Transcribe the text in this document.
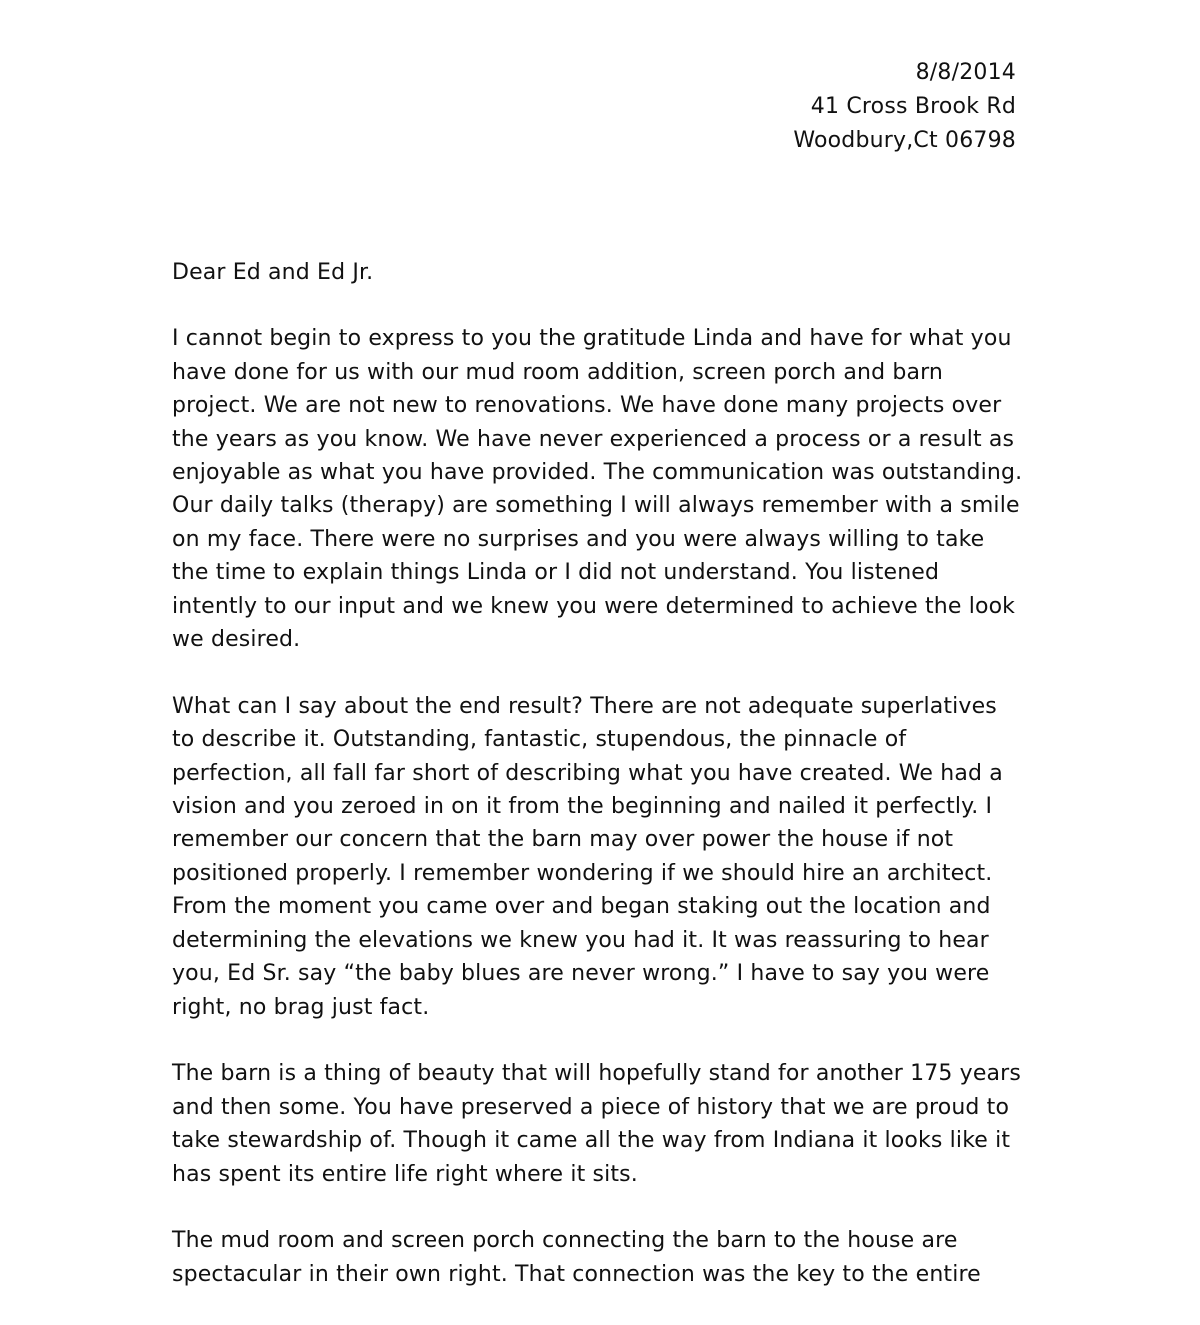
8/8/2014
41 Cross Brook Rd
Woodbury,Ct 06798
Dear Ed and Ed Jr.
I cannot begin to express to you the gratitude Linda and have for what you
have done for us with our mud room addition, screen porch and barn
project. We are not new to renovations. We have done many projects over
the years as you know. We have never experienced a process or a result as
enjoyable as what you have provided. The communication was outstanding.
Our daily talks (therapy) are something I will always remember with a smile
on my face. There were no surprises and you were always willing to take
the time to explain things Linda or I did not understand. You listened
intently to our input and we knew you were determined to achieve the look
we desired.
What can I say about the end result? There are not adequate superlatives
to describe it. Outstanding, fantastic, stupendous, the pinnacle of
perfection, all fall far short of describing what you have created. We had a
vision and you zeroed in on it from the beginning and nailed it perfectly. I
remember our concern that the barn may over power the house if not
positioned properly. I remember wondering if we should hire an architect.
From the moment you came over and began staking out the location and
determining the elevations we knew you had it. It was reassuring to hear
you, Ed Sr. say “the baby blues are never wrong.” I have to say you were
right, no brag just fact.
The barn is a thing of beauty that will hopefully stand for another 175 years
and then some. You have preserved a piece of history that we are proud to
take stewardship of. Though it came all the way from Indiana it looks like it
has spent its entire life right where it sits.
The mud room and screen porch connecting the barn to the house are
spectacular in their own right. That connection was the key to the entire
